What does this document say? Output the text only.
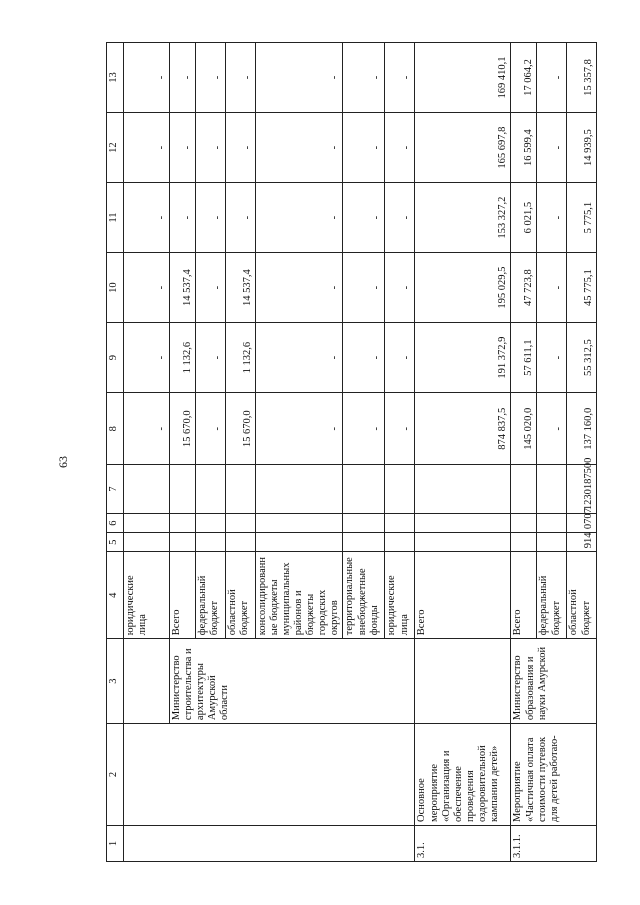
63
1	2	3	4	5	6	7	8	9	10	11	12	13
			юридические лица				-	-	-	-	-	-
		Министерство строительства и архитектуры Амурской области	Всего				15 670,0	1 132,6	14 537,4	-	-	-
			федеральный бюджет				-	-	-	-	-	-
			областной бюджет				15 670,0	1 132,6	14 537,4	-	-	-
			консолидированные бюджеты муниципальных районов и бюджеты городских округов				-	-	-	-	-	-
			территориальные внебюджетные фонды				-	-	-	-	-	-
			юридические лица				-	-	-	-	-	-
3.1.	Основное мероприятие «Организация и обеспечение проведения оздоровительной кампании детей»		Всего				874 837,5	191 372,9	195 029,5	153 327,2	165 697,8	169 410,1
3.1.1.	Мероприятие «Частичная оплата стоимости путевок для детей работаю-	Министерство образования и науки Амурской	Всего				145 020,0	57 611,1	47 723,8	6 021,5	16 599,4	17 064,2
			федеральный бюджет				-	-	-	-	-	-
			областной бюджет	914	0707	1230187500	137 160,0	55 312,5	45 775,1	5 775,1	14 939,5	15 357,8
